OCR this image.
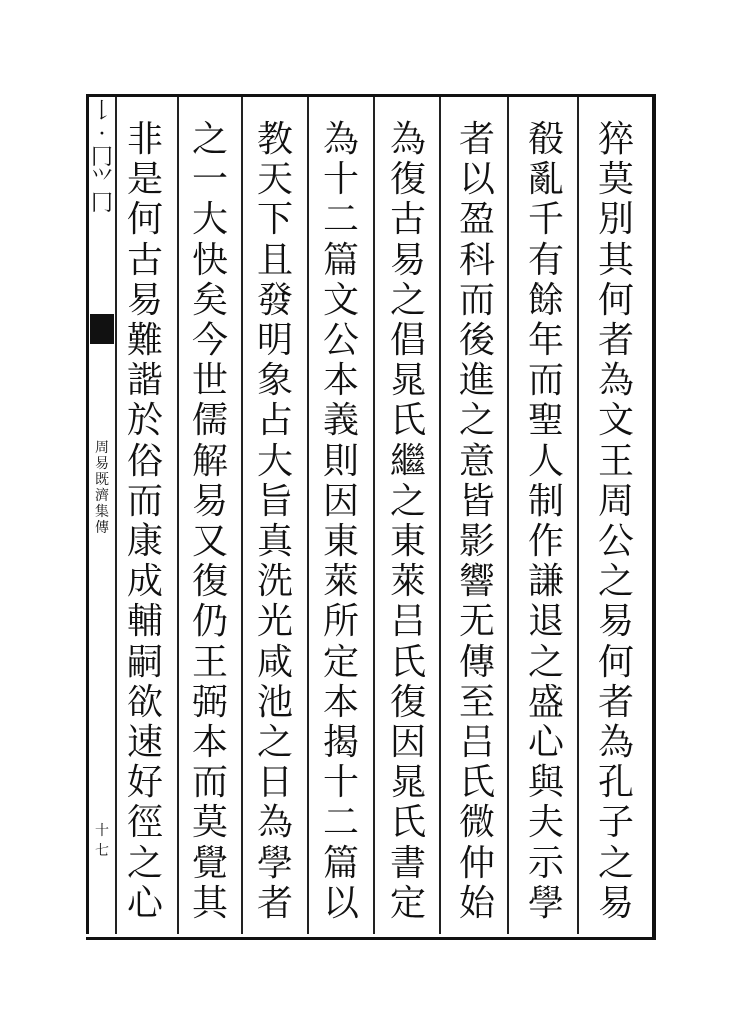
𠄌
·
⼌
⺍
⼌
周
易
既
濟
集
傳
十七
猝
莫
別
其
何
者
為
文
王
周
公
之
易
何
者
為
孔
子
之
易
殽
亂
千
有
餘
年
而
聖
人
制
作
謙
退
之
盛
心
與
夫
示
學
者
以
盈
科
而
後
進
之
意
皆
影
響
无
傳
至
吕
氏
微
仲
始
為
復
古
易
之
倡
晁
氏
繼
之
東
萊
吕
氏
復
因
晁
氏
書
定
為
十
二
篇
文
公
本
義
則
因
東
萊
所
定
本
揭
十
二
篇
以
教
天
下
且
發
明
象
占
大
旨
真
洗
光
咸
池
之
日
為
學
者
之
一
大
快
矣
今
世
儒
解
易
又
復
仍
王
弼
本
而
莫
覺
其
非
是
何
古
易
難
諧
於
俗
而
康
成
輔
嗣
欲
速
好
徑
之
心
